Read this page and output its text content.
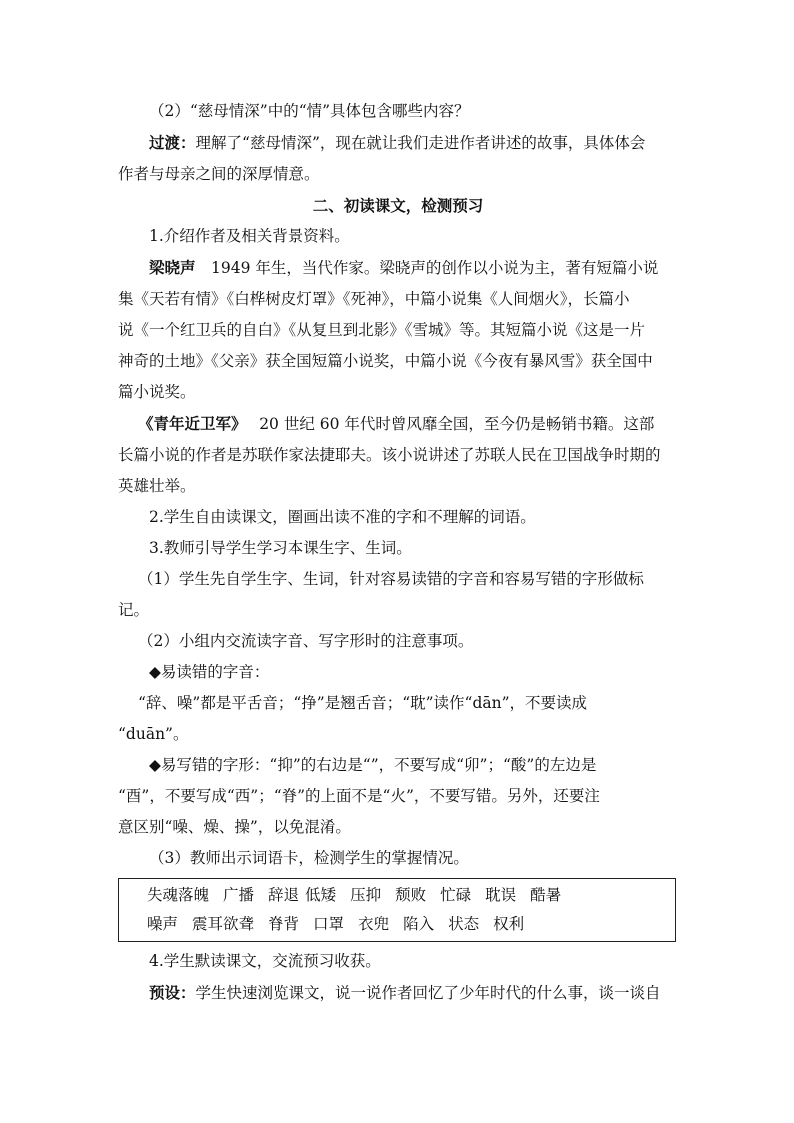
（2）“慈母情深”中的“情”具体包含哪些内容？

过渡：理解了“慈母情深”，现在就让我们走进作者讲述的故事，具体体会

作者与母亲之间的深厚情意。

二、初读课文，检测预习

1.介绍作者及相关背景资料。

梁晓声　1949 年生，当代作家。梁晓声的创作以小说为主，著有短篇小说

集《天若有情》《白桦树皮灯罩》《死神》，中篇小说集《人间烟火》，长篇小

说《一个红卫兵的自白》《从复旦到北影》《雪城》等。其短篇小说《这是一片

神奇的土地》《父亲》获全国短篇小说奖，中篇小说《今夜有暴风雪》获全国中

篇小说奖。

《青年近卫军》　 20 世纪 60 年代时曾风靡全国，至今仍是畅销书籍。这部

长篇小说的作者是苏联作家法捷耶夫。该小说讲述了苏联人民在卫国战争时期的

英雄壮举。

2.学生自由读课文，圈画出读不准的字和不理解的词语。

3.教师引导学生学习本课生字、生词。

（1）学生先自学生字、生词，针对容易读错的字音和容易写错的字形做标

记。

（2）小组内交流读字音、写字形时的注意事项。

◆易读错的字音：

“辞、噪”都是平舌音；“挣”是翘舌音；“耽”读作“dān”，不要读成

“duān”。

◆易写错的字形：“抑”的右边是“”，不要写成“卯”；“酸”的左边是

“酉”，不要写成“西”；“脊”的上面不是“火”，不要写错。另外，还要注

意区别“噪、燥、操”，以免混淆。

（3）教师出示词语卡，检测学生的掌握情况。

失魂落魄 广播 辞退 低矮 压抑 颓败 忙碌 耽误 酷暑
噪声 震耳欲聋 脊背 口罩 衣兜 陷入 状态 权利

4.学生默读课文，交流预习收获。

预设：学生快速浏览课文，说一说作者回忆了少年时代的什么事，谈一谈自
